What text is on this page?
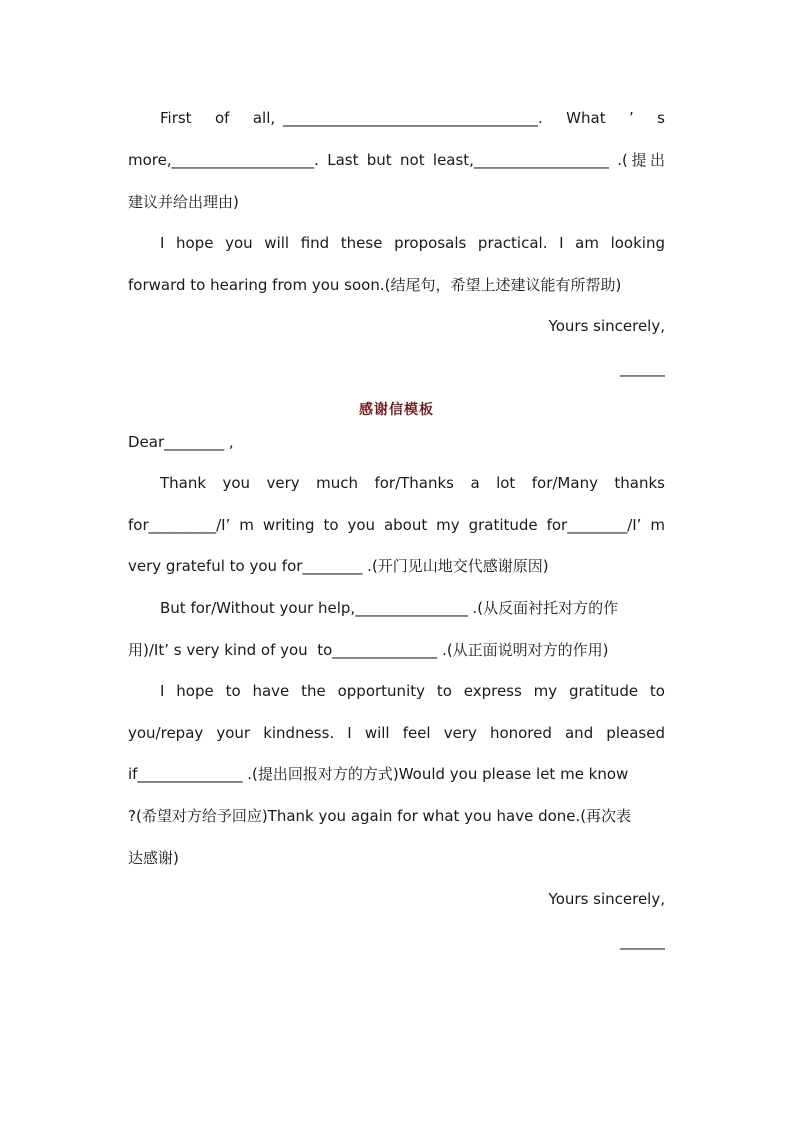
First   of   all, __________________________________.   What   ’   s
more,___________________. Last but not least,__________________ .(提出
建议并给出理由)
I  hope  you  will  find  these  proposals  practical.  I  am  looking
forward to hearing from you soon.(结尾句，希望上述建议能有所帮助)
Yours sincerely,
______
感谢信模板
Dear________ ,
Thank   you   very   much   for/Thanks   a   lot   for/Many   thanks
for_________/I’ m writing to you about my gratitude for________/I’ m
very grateful to you for________ .(开门见山地交代感谢原因)
But for/Without your help,_______________ .(从反面衬托对方的作
用)/It’ s very kind of you  to______________ .(从正面说明对方的作用)
I  hope  to  have  the  opportunity  to  express  my  gratitude  to
you/repay  your  kindness.  I  will  feel  very  honored  and  pleased
if______________ .(提出回报对方的方式)Would you please let me know
?(希望对方给予回应)Thank you again for what you have done.(再次表
达感谢)
Yours sincerely,
______
